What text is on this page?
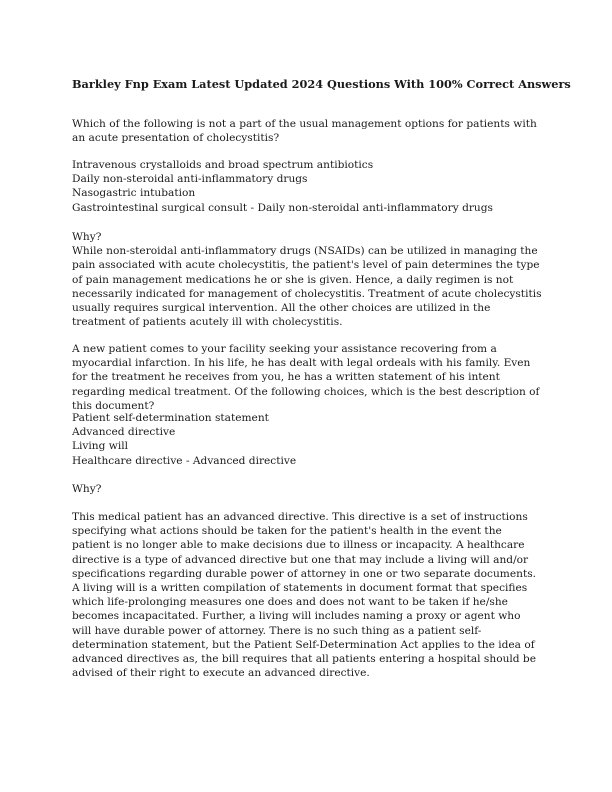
Barkley Fnp Exam Latest Updated 2024 Questions With 100% Correct Answers

Which of the following is not a part of the usual management options for patients with an acute presentation of cholecystitis?

Intravenous crystalloids and broad spectrum antibiotics

Daily non-steroidal anti-inflammatory drugs

Nasogastric intubation

Gastrointestinal surgical consult - Daily non-steroidal anti-inflammatory drugs

Why?

While non-steroidal anti-inflammatory drugs (NSAIDs) can be utilized in managing the pain associated with acute cholecystitis, the patient's level of pain determines the type of pain management medications he or she is given. Hence, a daily regimen is not necessarily indicated for management of cholecystitis. Treatment of acute cholecystitis usually requires surgical intervention. All the other choices are utilized in the treatment of patients acutely ill with cholecystitis.

A new patient comes to your facility seeking your assistance recovering from a myocardial infarction. In his life, he has dealt with legal ordeals with his family. Even for the treatment he receives from you, he has a written statement of his intent regarding medical treatment. Of the following choices, which is the best description of this document?

Patient self-determination statement

Advanced directive

Living will

Healthcare directive - Advanced directive

Why?

This medical patient has an advanced directive. This directive is a set of instructions specifying what actions should be taken for the patient's health in the event the patient is no longer able to make decisions due to illness or incapacity. A healthcare directive is a type of advanced directive but one that may include a living will and/or specifications regarding durable power of attorney in one or two separate documents. A living will is a written compilation of statements in document format that specifies which life-prolonging measures one does and does not want to be taken if he/she becomes incapacitated. Further, a living will includes naming a proxy or agent who will have durable power of attorney. There is no such thing as a patient self-determination statement, but the Patient Self-Determination Act applies to the idea of advanced directives as, the bill requires that all patients entering a hospital should be advised of their right to execute an advanced directive.
